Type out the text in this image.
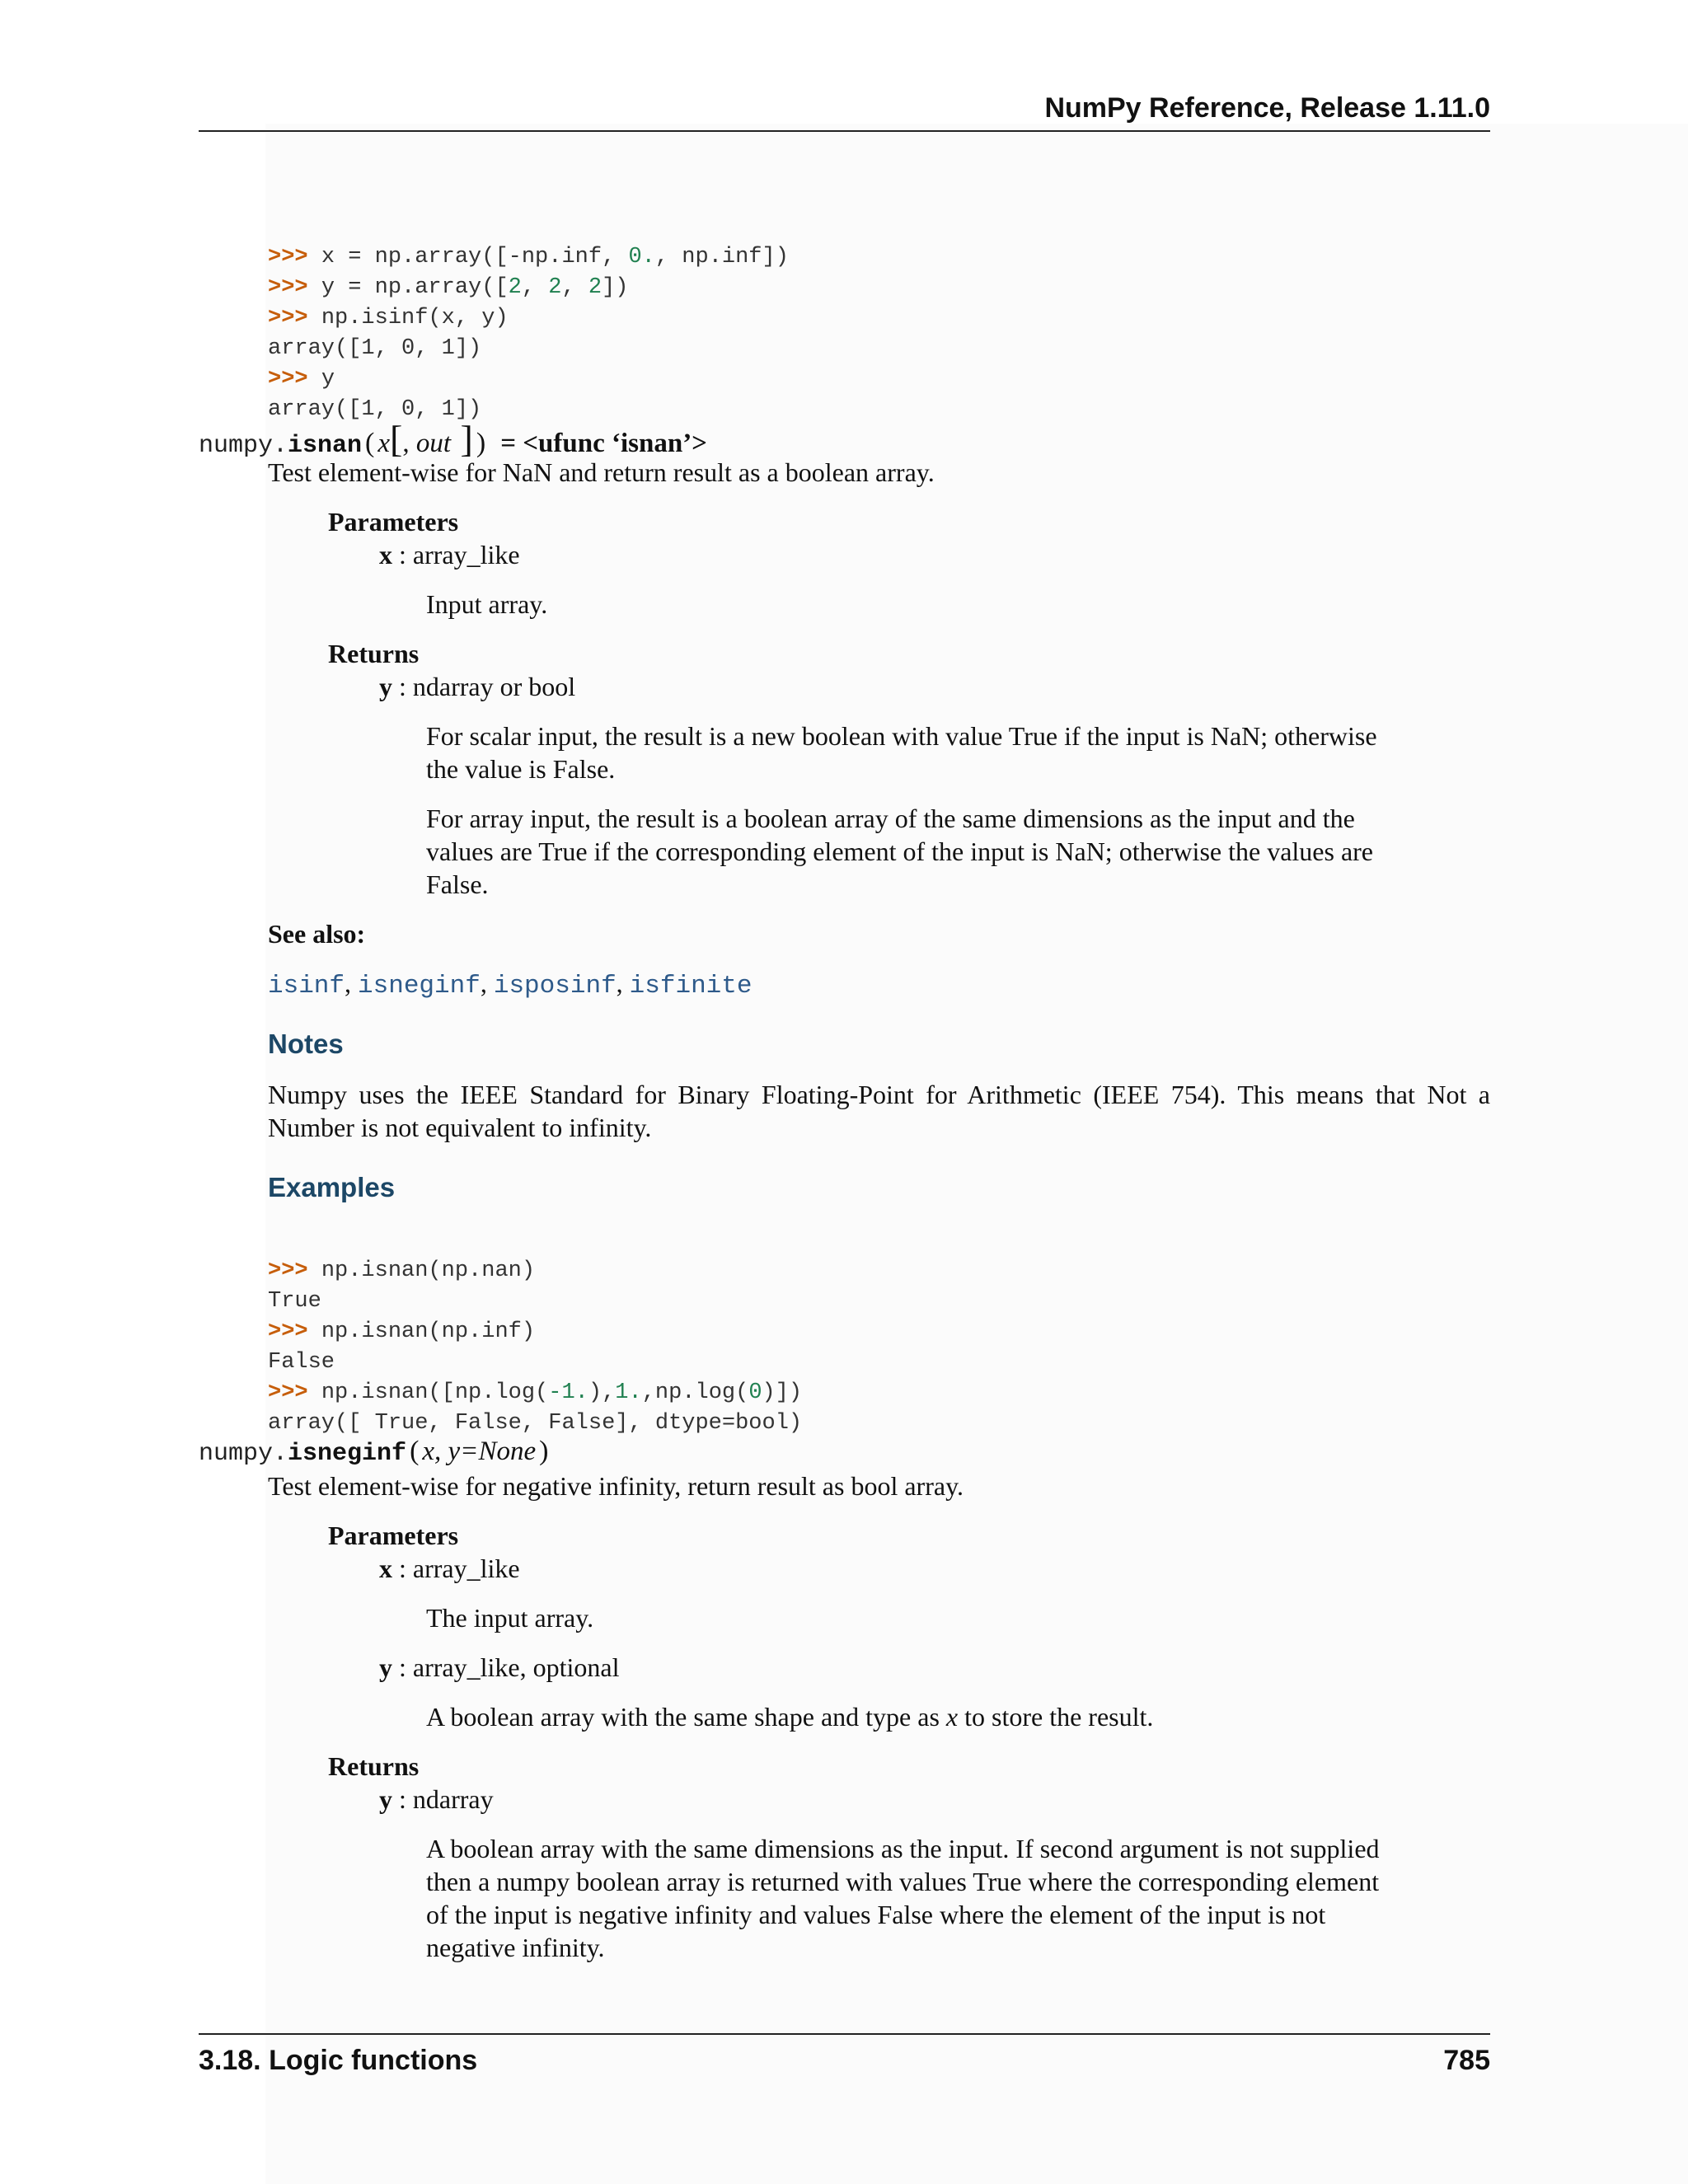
NumPy Reference, Release 1.11.0

>>> x = np.array([-np.inf, 0., np.inf])
>>> y = np.array([2, 2, 2])
>>> np.isinf(x, y)
array([1, 0, 1])
>>> y
array([1, 0, 1])

numpy. isnan ( x [ , out ] ) = <ufunc ‘isnan’>
Test element-wise for NaN and return result as a boolean array.
Parameters
x : array_like
Input array.
Returns
y : ndarray or bool
For scalar input, the result is a new boolean with value True if the input is NaN; otherwise the value is False.
For array input, the result is a boolean array of the same dimensions as the input and the values are True if the corresponding element of the input is NaN; otherwise the values are False.
See also:
isinf, isneginf, isposinf, isfinite
Notes
Numpy uses the IEEE Standard for Binary Floating-Point for Arithmetic (IEEE 754). This means that Not a Number is not equivalent to infinity.
Examples

>>> np.isnan(np.nan)
True
>>> np.isnan(np.inf)
False
>>> np.isnan([np.log(-1.),1.,np.log(0)])
array([ True, False, False], dtype=bool)

numpy. isneginf ( x, y=None )
Test element-wise for negative infinity, return result as bool array.
Parameters
x : array_like
The input array.
y : array_like, optional
A boolean array with the same shape and type as x to store the result.
Returns
y : ndarray
A boolean array with the same dimensions as the input. If second argument is not supplied then a numpy boolean array is returned with values True where the corresponding element of the input is negative infinity and values False where the element of the input is not negative infinity.
3.18. Logic functions	785
